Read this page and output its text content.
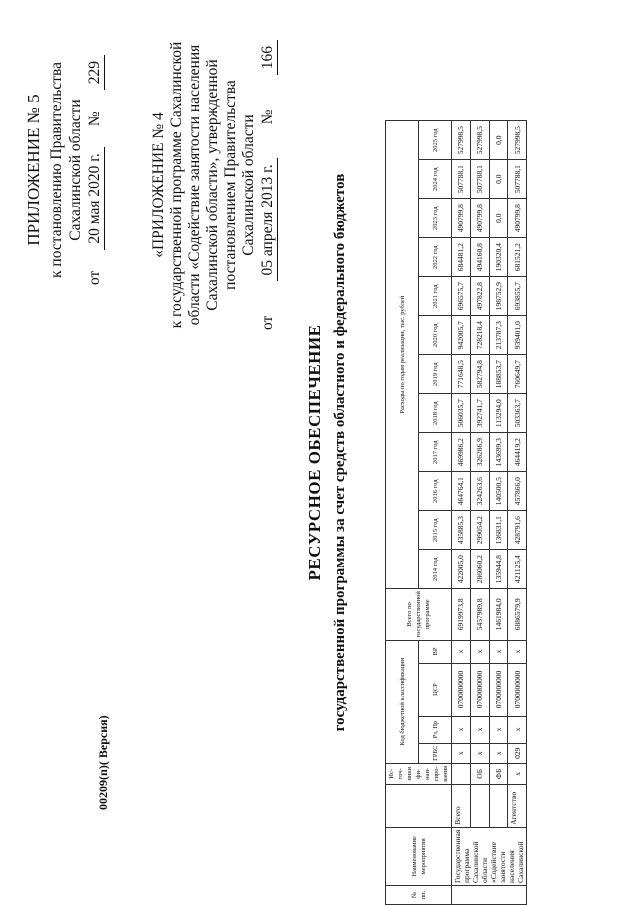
ПРИЛОЖЕНИЕ № 5 к постановлению Правительства Сахалинской области
от
20 мая 2020 г.
№
229
«ПРИЛОЖЕНИЕ № 4 к государственной программе Сахалинской области «Содействие занятости населения Сахалинской области», утвержденной постановлением Правительства Сахалинской области
от
05 апреля 2013 г.
№
166
РЕСУРСНОЕ ОБЕСПЕЧЕНИЕ государственной программы за счет средств областного и федерального бюджетов
№ пп.	Наименование мероприятия		Ис-точ-ники фи-нан-сиро-вания	Код бюджетной классификации				Всего по государственной программе	Расходы по годам реализации, тыс. рублей											
				ГРБС	Рз, Пр	ЦСР	ВР		2014 год	2015 год	2016 год	2017 год	2018 год	2019 год	2020 год	2021 год	2022 год	2023 год	2024 год	2025 год
	Государственная программа Сахалинской области «Содействие занятости населения Сахалинской	Всего		х	х	0700000000	х	6919973,8	422005,0	435885,3	464764,1	469986,2	506035,7	771648,5	942005,7	696575,7	684481,2	490799,8	507788,1	527998,5
			ОБ	х	х	0700000000	х	5457989,8	286060,2	299054,2	324263,6	326286,9	392741,7	582794,8	728218,4	497822,8	494160,8	490799,8	507788,1	527998,5
			ФБ	х	х	0700000000	х	1461984,0	135944,8	136831,1	140500,5	143699,3	113294,0	188853,7	213787,3	198752,9	190320,4	0,0	0,0	0,0
		Агентство	х	029	х	0700000000	х	6886579,9	421125,4	428791,6	457866,0	464419,2	503363,7	760649,7	939401,0	693855,7	681521,2	490799,8	507788,1	527998,5
00209(п)( Версия)
